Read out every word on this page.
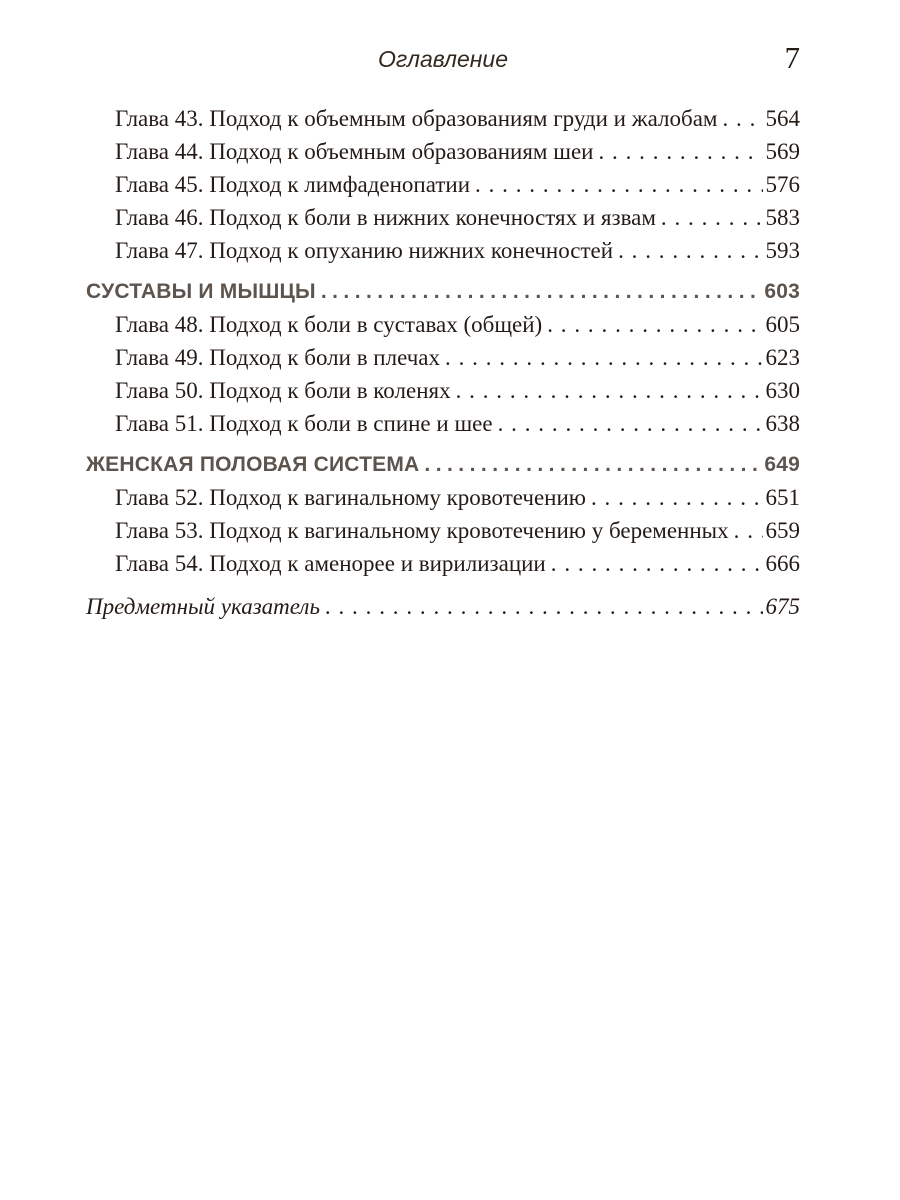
Оглавление	7
Глава 43. Подход к объемным образованиям груди и жалобам ..... 564
Глава 44. Подход к объемным образованиям шеи .....	569
Глава 45. Подход к лимфаденопатии .....	576
Глава 46. Подход к боли в нижних конечностях и язвам .....	583
Глава 47. Подход к опуханию нижних конечностей .....	593
СУСТАВЫ И МЫШЦЫ .....	603
Глава 48. Подход к боли в суставах (общей) .....	605
Глава 49. Подход к боли в плечах .....	623
Глава 50. Подход к боли в коленях .....	630
Глава 51. Подход к боли в спине и шее .....	638
ЖЕНСКАЯ ПОЛОВАЯ СИСТЕМА .....	649
Глава 52. Подход к вагинальному кровотечению .....	651
Глава 53. Подход к вагинальному кровотечению у беременных ..... 659
Глава 54. Подход к аменорее и вирилизации .....	666
Предметный указатель .....	675
